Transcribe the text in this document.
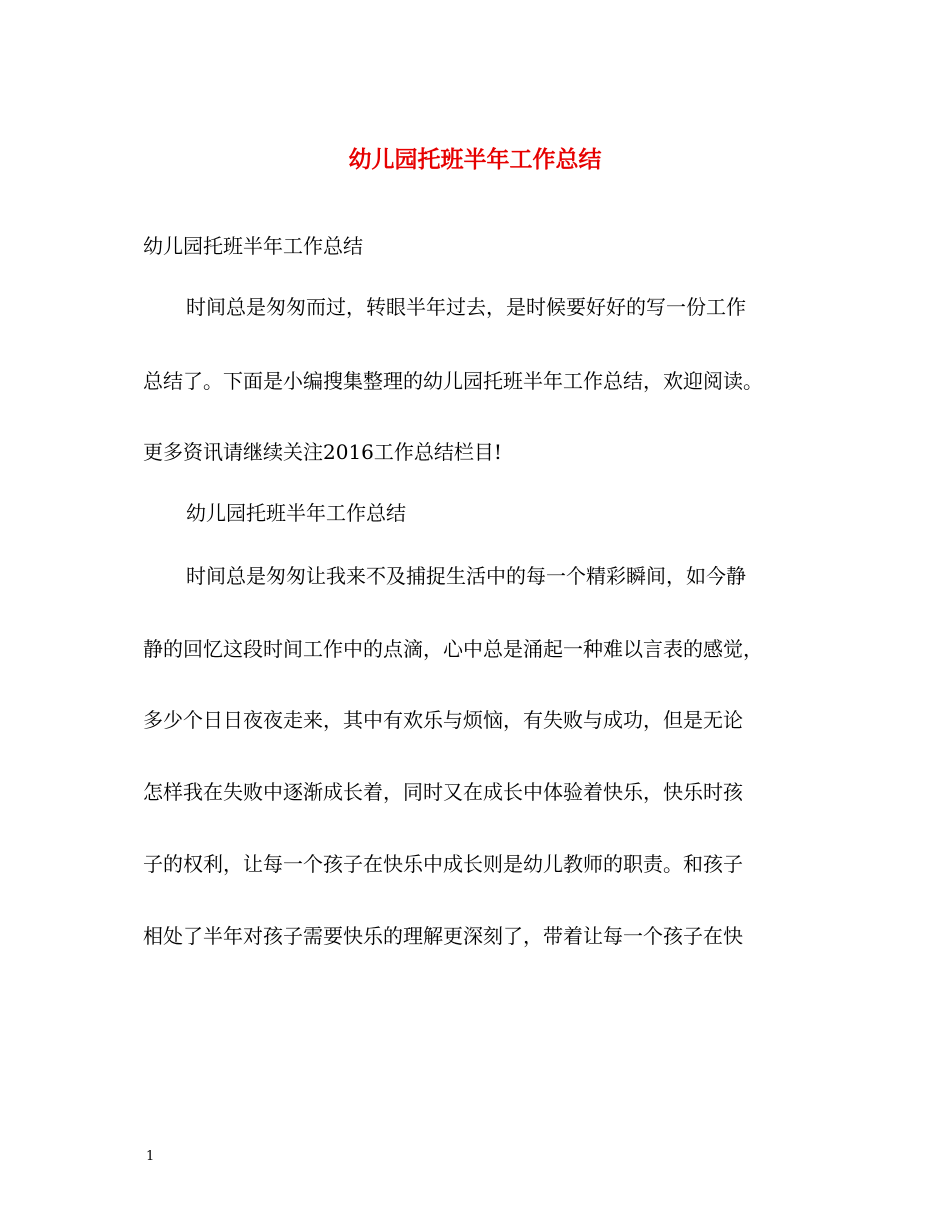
幼儿园托班半年工作总结
幼儿园托班半年工作总结
时间总是匆匆而过，转眼半年过去，是时候要好好的写一份工作
总结了。下面是小编搜集整理的幼儿园托班半年工作总结，欢迎阅读。
更多资讯请继续关注2016工作总结栏目!
幼儿园托班半年工作总结
时间总是匆匆让我来不及捕捉生活中的每一个精彩瞬间，如今静
静的回忆这段时间工作中的点滴，心中总是涌起一种难以言表的感觉，
多少个日日夜夜走来，其中有欢乐与烦恼，有失败与成功，但是无论
怎样我在失败中逐渐成长着，同时又在成长中体验着快乐，快乐时孩
子的权利，让每一个孩子在快乐中成长则是幼儿教师的职责。和孩子
相处了半年对孩子需要快乐的理解更深刻了，带着让每一个孩子在快
1
